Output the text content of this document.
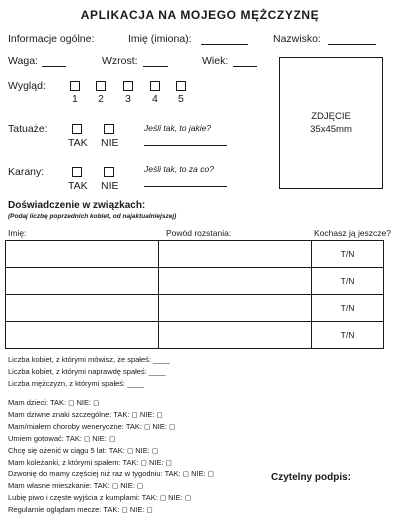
APLIKACJA NA MOJEGO MĘŻCZYZNĘ
Informacje ogólne:	Imię (imiona):	Nazwisko:
Waga:	Wzrost:	Wiek:
ZDJĘCIE
35x45mm
Wygląd:
1 2 3 4 5
Tatuaże:
TAK NIE
Jeśli tak, to jakie?
Karany:
TAK NIE
Jeśli tak, to za co?
Doświadczenie w związkach:
(Podaj liczbę poprzednich kobiet, od najaktualniejszej)
Imię:	Powód rozstania:	Kochasz ją jeszcze?
		T/N
		T/N
		T/N
		T/N
Liczba kobiet, z którymi mówisz, że spałeś: ____
Liczba kobiet, z którymi naprawdę spałeś: ____
Liczba mężczyzn, z którymi spałeś: ____
Mam dzieci: TAK: ◻ NIE: ◻
Mam dziwne znaki szczególne: TAK: ◻ NIE: ◻
Mam/miałem choroby weneryczne: TAK: ◻ NIE: ◻
Umiem gotować: TAK: ◻ NIE: ◻
Chcę się ożenić w ciągu 5 lat: TAK: ◻ NIE: ◻
Mam koleżanki, z którymi spałem: TAK: ◻ NIE: ◻
Dzwonię do mamy częściej niż raz w tygodniu: TAK: ◻ NIE: ◻
Mam własne mieszkanie: TAK: ◻ NIE: ◻
Lubię piwo i częste wyjścia z kumplami: TAK: ◻ NIE: ◻
Regularnie oglądam mecze: TAK: ◻ NIE: ◻
Czytelny podpis:
